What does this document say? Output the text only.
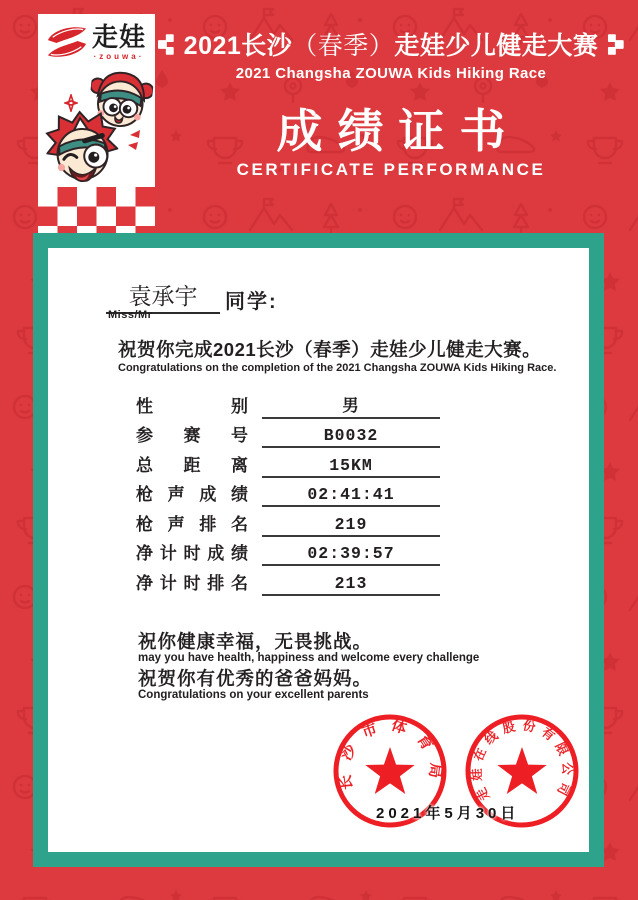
走娃
·zouwa· 2021长沙（春季）走娃少儿健走大赛
2021 Changsha ZOUWA Kids Hiking Race
成绩证书
CERTIFICATE PERFORMANCE
袁承宇	同学:
Miss/Mr
祝贺你完成2021长沙（春季）走娃少儿健走大赛。
Congratulations on the completion of the 2021 Changsha ZOUWA Kids Hiking Race.
性 别	男
参 赛 号	B0032
总 距 离	15KM
枪 声 成 绩	02:41:41
枪 声 排 名	219
净 计 时 成 绩	02:39:57
净 计 时 排 名	213
祝你健康幸福，无畏挑战。
may you have health, happiness and welcome every challenge
祝贺你有优秀的爸爸妈妈。
Congratulations on your excellent parents
长沙市体育局
走娃在线股份有限公司
2021年5月30日
